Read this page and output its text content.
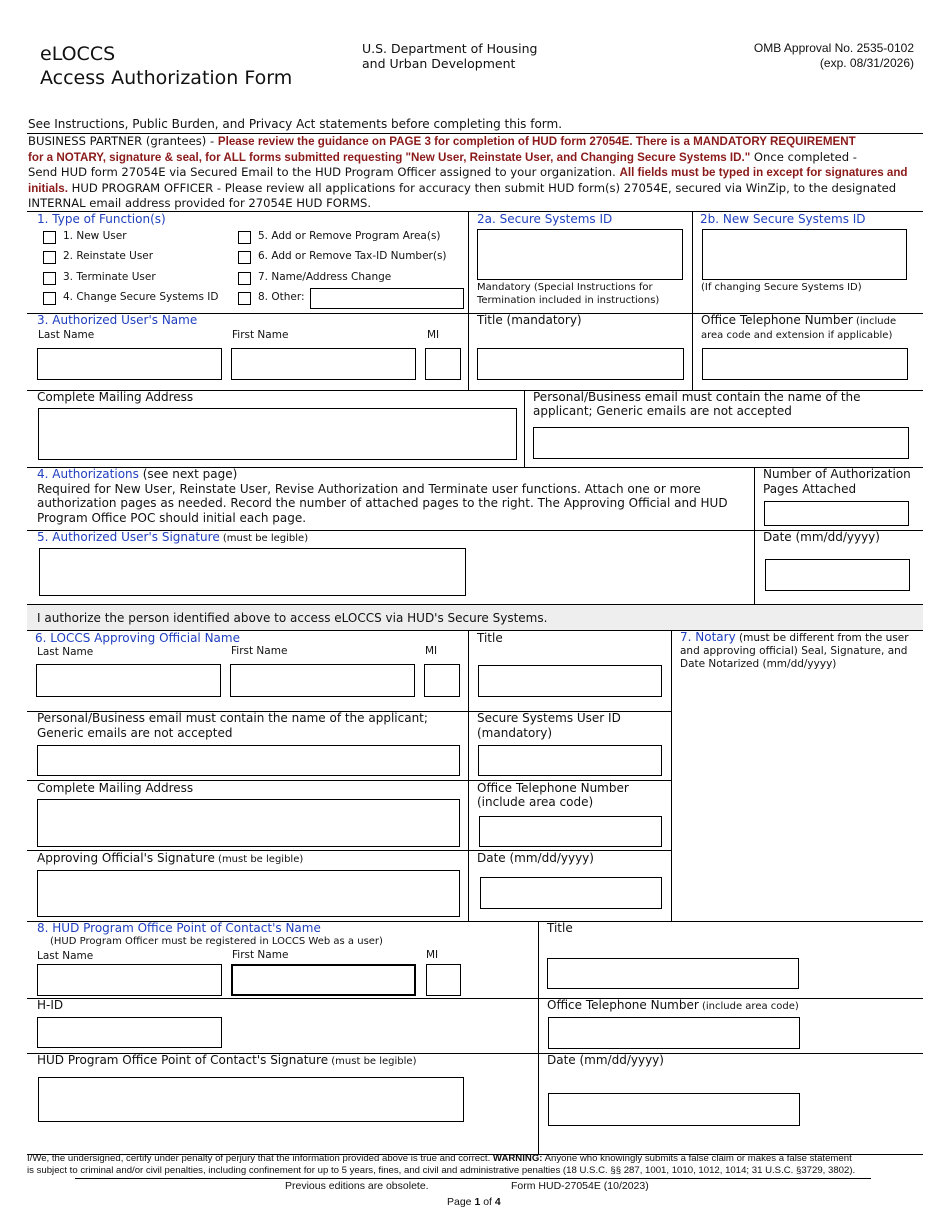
eLOCCS
Access Authorization Form
U.S. Department of Housing
and Urban Development
OMB Approval No. 2535-0102
(exp. 08/31/2026)
See Instructions, Public Burden, and Privacy Act statements before completing this form.
BUSINESS PARTNER (grantees) - Please review the guidance on PAGE 3 for completion of HUD form 27054E. There is a MANDATORY REQUIREMENT
for a NOTARY, signature & seal, for ALL forms submitted requesting "New User, Reinstate User, and Changing Secure Systems ID." Once completed -
Send HUD form 27054E via Secured Email to the HUD Program Officer assigned to your organization. All fields must be typed in except for signatures and
initials. HUD PROGRAM OFFICER - Please review all applications for accuracy then submit HUD form(s) 27054E, secured via WinZip, to the designated
INTERNAL email address provided for 27054E HUD FORMS.
1. Type of Function(s)
1. New User
2. Reinstate User
3. Terminate User
4. Change Secure Systems ID
5. Add or Remove Program Area(s)
6. Add or Remove Tax-ID Number(s)
7. Name/Address Change
8. Other:
2a. Secure Systems ID
Mandatory (Special Instructions for
Termination included in instructions)
2b. New Secure Systems ID
(If changing Secure Systems ID)
3. Authorized User's Name
Last Name	First Name	MI
Title (mandatory)	Office Telephone Number (include
area code and extension if applicable)
Complete Mailing Address	Personal/Business email must contain the name of the
applicant; Generic emails are not accepted
4. Authorizations (see next page)
Required for New User, Reinstate User, Revise Authorization and Terminate user functions. Attach one or more
authorization pages as needed. Record the number of attached pages to the right. The Approving Official and HUD
Program Office POC should initial each page.
Number of Authorization
Pages Attached
5. Authorized User's Signature (must be legible)	Date (mm/dd/yyyy)
I authorize the person identified above to access eLOCCS via HUD's Secure Systems.
6. LOCCS Approving Official Name
Last Name	First Name	MI
Title
Personal/Business email must contain the name of the applicant;
Generic emails are not accepted
Secure Systems User ID
(mandatory)
Complete Mailing Address	Office Telephone Number
(include area code)
Approving Official's Signature (must be legible)	Date (mm/dd/yyyy)
7. Notary (must be different from the user
and approving official) Seal, Signature, and
Date Notarized (mm/dd/yyyy)
8. HUD Program Office Point of Contact's Name
(HUD Program Officer must be registered in LOCCS Web as a user)
Last Name	First Name	MI
Title
H-ID	Office Telephone Number (include area code)
HUD Program Office Point of Contact's Signature (must be legible)	Date (mm/dd/yyyy)
I/We, the undersigned, certify under penalty of perjury that the information provided above is true and correct. WARNING: Anyone who knowingly submits a false claim or makes a false statement
is subject to criminal and/or civil penalties, including confinement for up to 5 years, fines, and civil and administrative penalties (18 U.S.C. §§ 287, 1001, 1010, 1012, 1014; 31 U.S.C. §3729, 3802).
Previous editions are obsolete.	Form HUD-27054E (10/2023)
Page 1 of 4
